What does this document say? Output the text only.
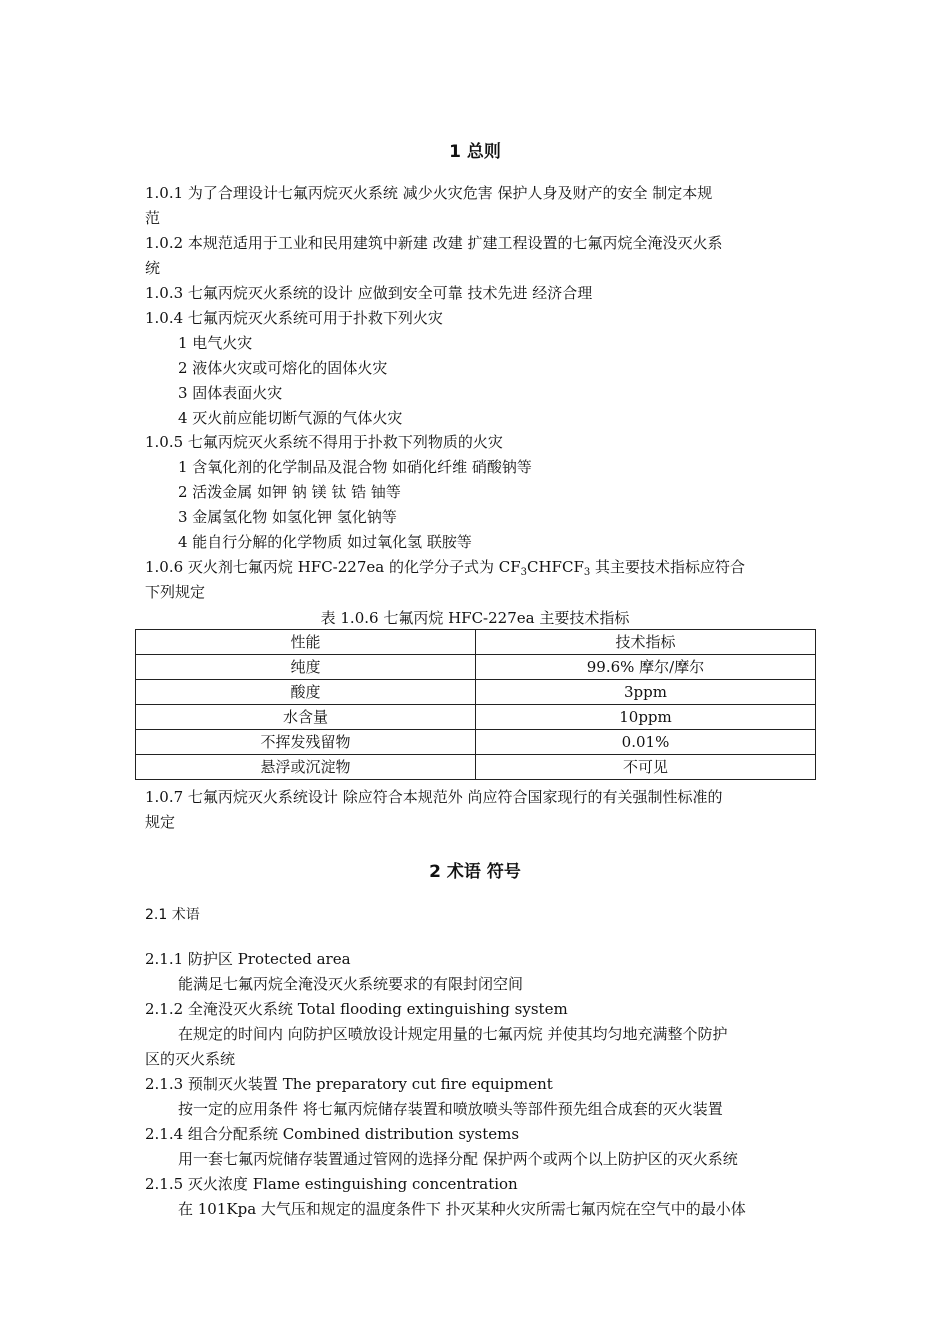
1 总则
1.0.1 为了合理设计七氟丙烷灭火系统 减少火灾危害 保护人身及财产的安全 制定本规
范
1.0.2 本规范适用于工业和民用建筑中新建 改建 扩建工程设置的七氟丙烷全淹没灭火系
统
1.0.3 七氟丙烷灭火系统的设计 应做到安全可靠 技术先进 经济合理
1.0.4 七氟丙烷灭火系统可用于扑救下列火灾
1 电气火灾
2 液体火灾或可熔化的固体火灾
3 固体表面火灾
4 灭火前应能切断气源的气体火灾
1.0.5 七氟丙烷灭火系统不得用于扑救下列物质的火灾
1 含氧化剂的化学制品及混合物 如硝化纤维 硝酸钠等
2 活泼金属 如钾 钠 镁 钛 锆 铀等
3 金属氢化物 如氢化钾 氢化钠等
4 能自行分解的化学物质 如过氧化氢 联胺等
1.0.6 灭火剂七氟丙烷 HFC-227ea 的化学分子式为 $CF_3CHFCF_3$ 其主要技术指标应符合
下列规定
表 1.0.6 七氟丙烷 HFC-227ea 主要技术指标
性能	技术指标
纯度	99.6% 摩尔/摩尔
酸度	3ppm
水含量	10ppm
不挥发残留物	0.01%
悬浮或沉淀物	不可见
1.0.7 七氟丙烷灭火系统设计 除应符合本规范外 尚应符合国家现行的有关强制性标准的
规定
2 术语 符号
2.1 术语
2.1.1 防护区 Protected area
能满足七氟丙烷全淹没灭火系统要求的有限封闭空间
2.1.2 全淹没灭火系统 Total flooding extinguishing system
在规定的时间内 向防护区喷放设计规定用量的七氟丙烷 并使其均匀地充满整个防护
区的灭火系统
2.1.3 预制灭火装置 The preparatory cut fire equipment
按一定的应用条件 将七氟丙烷储存装置和喷放喷头等部件预先组合成套的灭火装置
2.1.4 组合分配系统 Combined distribution systems
用一套七氟丙烷储存装置通过管网的选择分配 保护两个或两个以上防护区的灭火系统
2.1.5 灭火浓度 Flame estinguishing concentration
在 101Kpa 大气压和规定的温度条件下 扑灭某种火灾所需七氟丙烷在空气中的最小体
